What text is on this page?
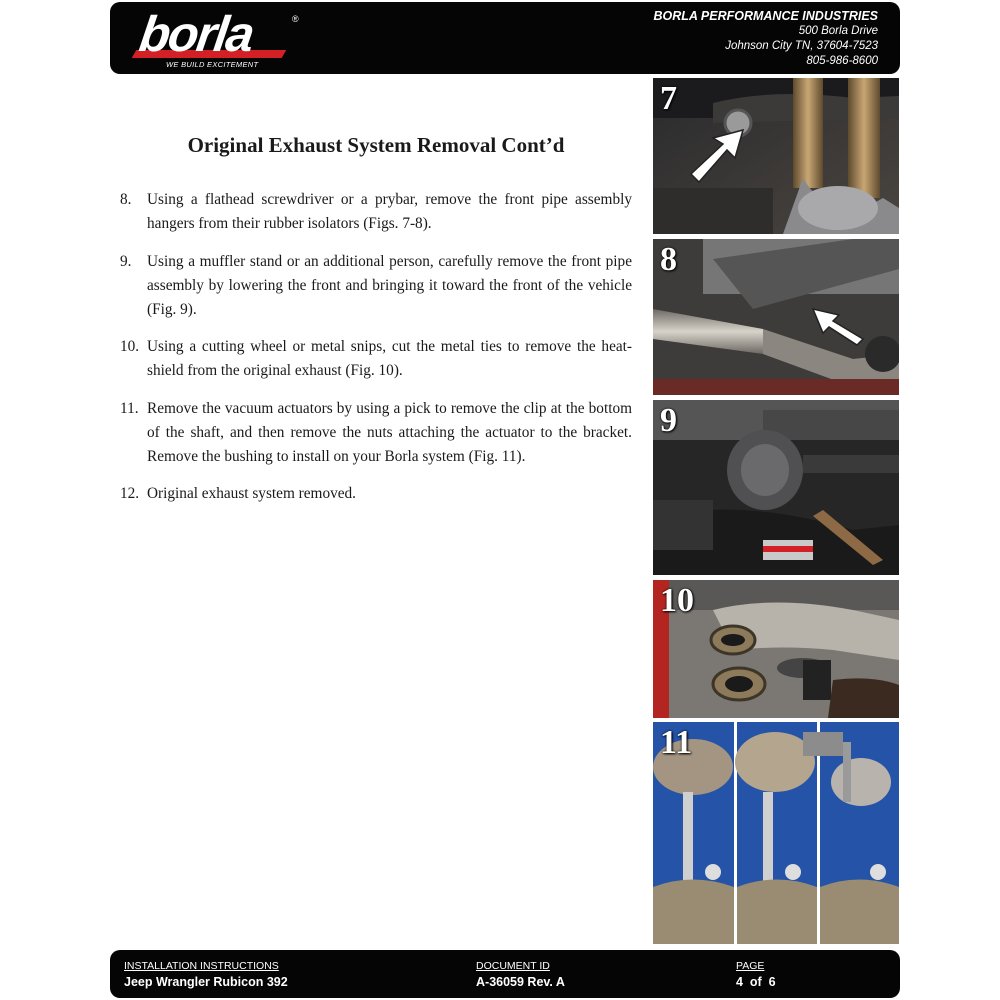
borla	®
WE BUILD EXCITEMENT
BORLA PERFORMANCE INDUSTRIES
500 Borla Drive
Johnson City TN, 37604-7523
805-986-8600
Original Exhaust System Removal Cont’d
8. Using a flathead screwdriver or a prybar, remove the front pipe assembly hangers from their rubber isolators (Figs. 7-8).
9. Using a muffler stand or an additional person, carefully remove the front pipe assembly by lowering the front and bringing it toward the front of the vehicle (Fig. 9).
10. Using a cutting wheel or metal snips, cut the metal ties to remove the heat-shield from the original exhaust (Fig. 10).
11. Remove the vacuum actuators by using a pick to remove the clip at the bottom of the shaft, and then remove the nuts attaching the actuator to the bracket. Remove the bushing to install on your Borla system (Fig. 11).
12. Original exhaust system removed.
7
8
9
10
11
INSTALLATION INSTRUCTIONS
Jeep Wrangler Rubicon 392
DOCUMENT ID
A-36059 Rev. A
PAGE
4  of  6
